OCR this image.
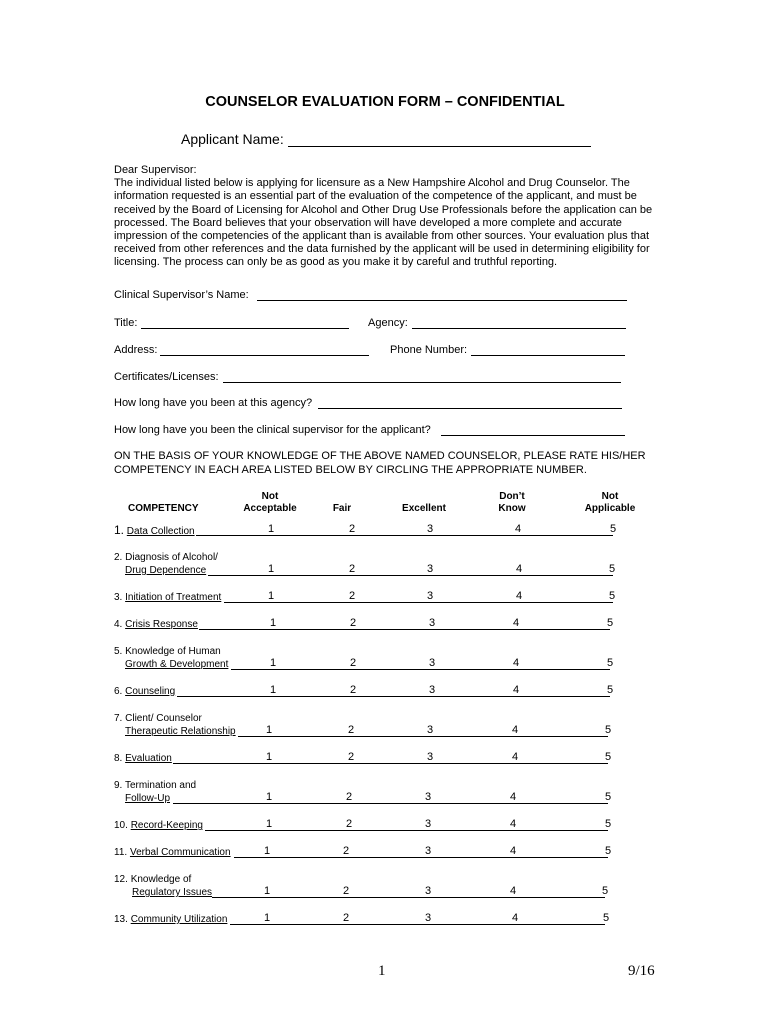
COUNSELOR EVALUATION FORM – CONFIDENTIAL
Applicant Name:
Dear Supervisor:
The individual listed below is applying for licensure as a New Hampshire Alcohol and Drug Counselor. The information requested is an essential part of the evaluation of the competence of the applicant, and must be received by the Board of Licensing for Alcohol and Other Drug Use Professionals before the application can be processed. The Board believes that your observation will have developed a more complete and accurate impression of the competencies of the applicant than is available from other sources. Your evaluation plus that received from other references and the data furnished by the applicant will be used in determining eligibility for licensing. The process can only be as good as you make it by careful and truthful reporting.
Clinical Supervisor’s Name:
Title:	Agency:
Address:	Phone Number:
Certificates/Licenses:
How long have you been at this agency?
How long have you been the clinical supervisor for the applicant?
ON THE BASIS OF YOUR KNOWLEDGE OF THE ABOVE NAMED COUNSELOR, PLEASE RATE HIS/HER COMPETENCY IN EACH AREA LISTED BELOW BY CIRCLING THE APPROPRIATE NUMBER.
COMPETENCY
Not
Acceptable	Fair	Excellent
Don’t
Know
Not
Applicable
1. Data Collection	1	2	3	4	5
2. Diagnosis of Alcohol/
Drug Dependence	1	2	3	4	5
3. Initiation of Treatment	1	2	3	4	5
4. Crisis Response	1	2	3	4	5
5. Knowledge of Human
Growth & Development	1	2	3	4	5
6. Counseling	1	2	3	4	5
7. Client/ Counselor
Therapeutic Relationship	1	2	3	4	5
8. Evaluation	1	2	3	4	5
9. Termination and
Follow-Up	1	2	3	4	5
10. Record-Keeping	1	2	3	4	5
11. Verbal Communication	1	2	3	4	5
12. Knowledge of
Regulatory Issues	1	2	3	4	5
13. Community Utilization	1	2	3	4	5
1	9/16
